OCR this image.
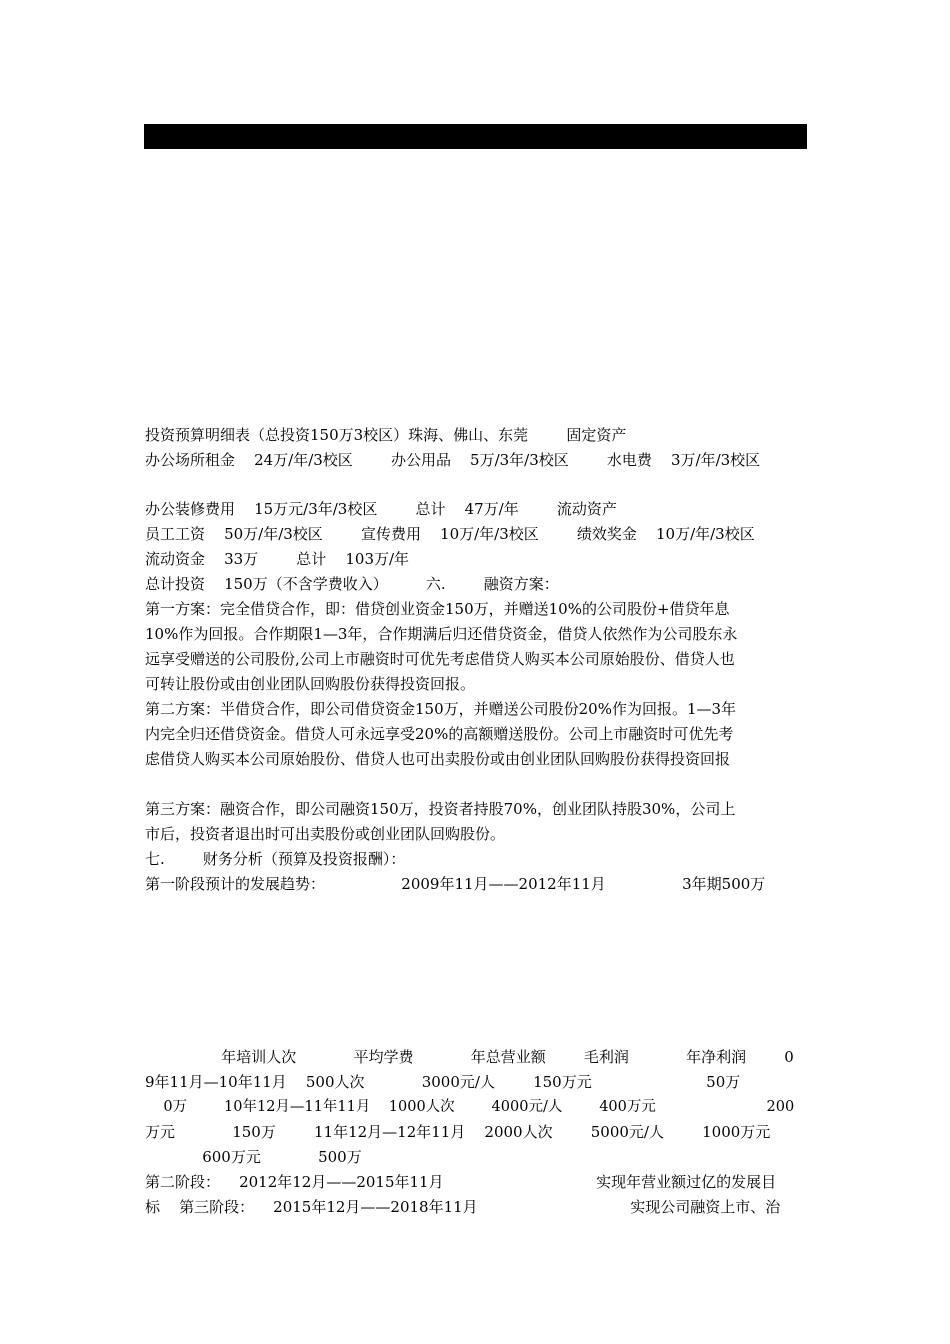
投资预算明细表（总投资150万3校区）珠海、佛山、东莞        固定资产
办公场所租金    24万/年/3校区        办公用品    5万/3年/3校区        水电费    3万/年/3校区
办公装修费用    15万元/3年/3校区        总计    47万/年        流动资产
员工工资    50万/年/3校区        宣传费用    10万/年/3校区        绩效奖金    10万/年/3校区
流动资金    33万        总计    103万/年
总计投资    150万（不含学费收入）        六.        融资方案：
第一方案：完全借贷合作，即：借贷创业资金150万，并赠送10%的公司股份+借贷年息
10%作为回报。合作期限1—3年，合作期满后归还借贷资金，借贷人依然作为公司股东永
远享受赠送的公司股份,公司上市融资时可优先考虑借贷人购买本公司原始股份、借贷人也
可转让股份或由创业团队回购股份获得投资回报。
第二方案：半借贷合作，即公司借贷资金150万，并赠送公司股份20%作为回报。1—3年
内完全归还借贷资金。借贷人可永远享受20%的高额赠送股份。公司上市融资时可优先考
虑借贷人购买本公司原始股份、借贷人也可出卖股份或由创业团队回购股份获得投资回报
第三方案：融资合作，即公司融资150万，投资者持股70%，创业团队持股30%，公司上
市后，投资者退出时可出卖股份或创业团队回购股份。
七.        财务分析（预算及投资报酬）：
第一阶段预计的发展趋势：                2009年11月——2012年11月                3年期500万
年培训人次            平均学费            年总营业额        毛利润            年净利润        0
9年11月—10年11月    500人次            3000元/人        150万元                        50万
0万        10年12月—11年11月    1000人次        4000元/人        400万元                        200
万元            150万        11年12月—12年11月    2000人次        5000元/人        1000万元
600万元            500万
第二阶段：    2012年12月——2015年11月                                实现年营业额过亿的发展目
标    第三阶段：    2015年12月——2018年11月                                实现公司融资上市、治
